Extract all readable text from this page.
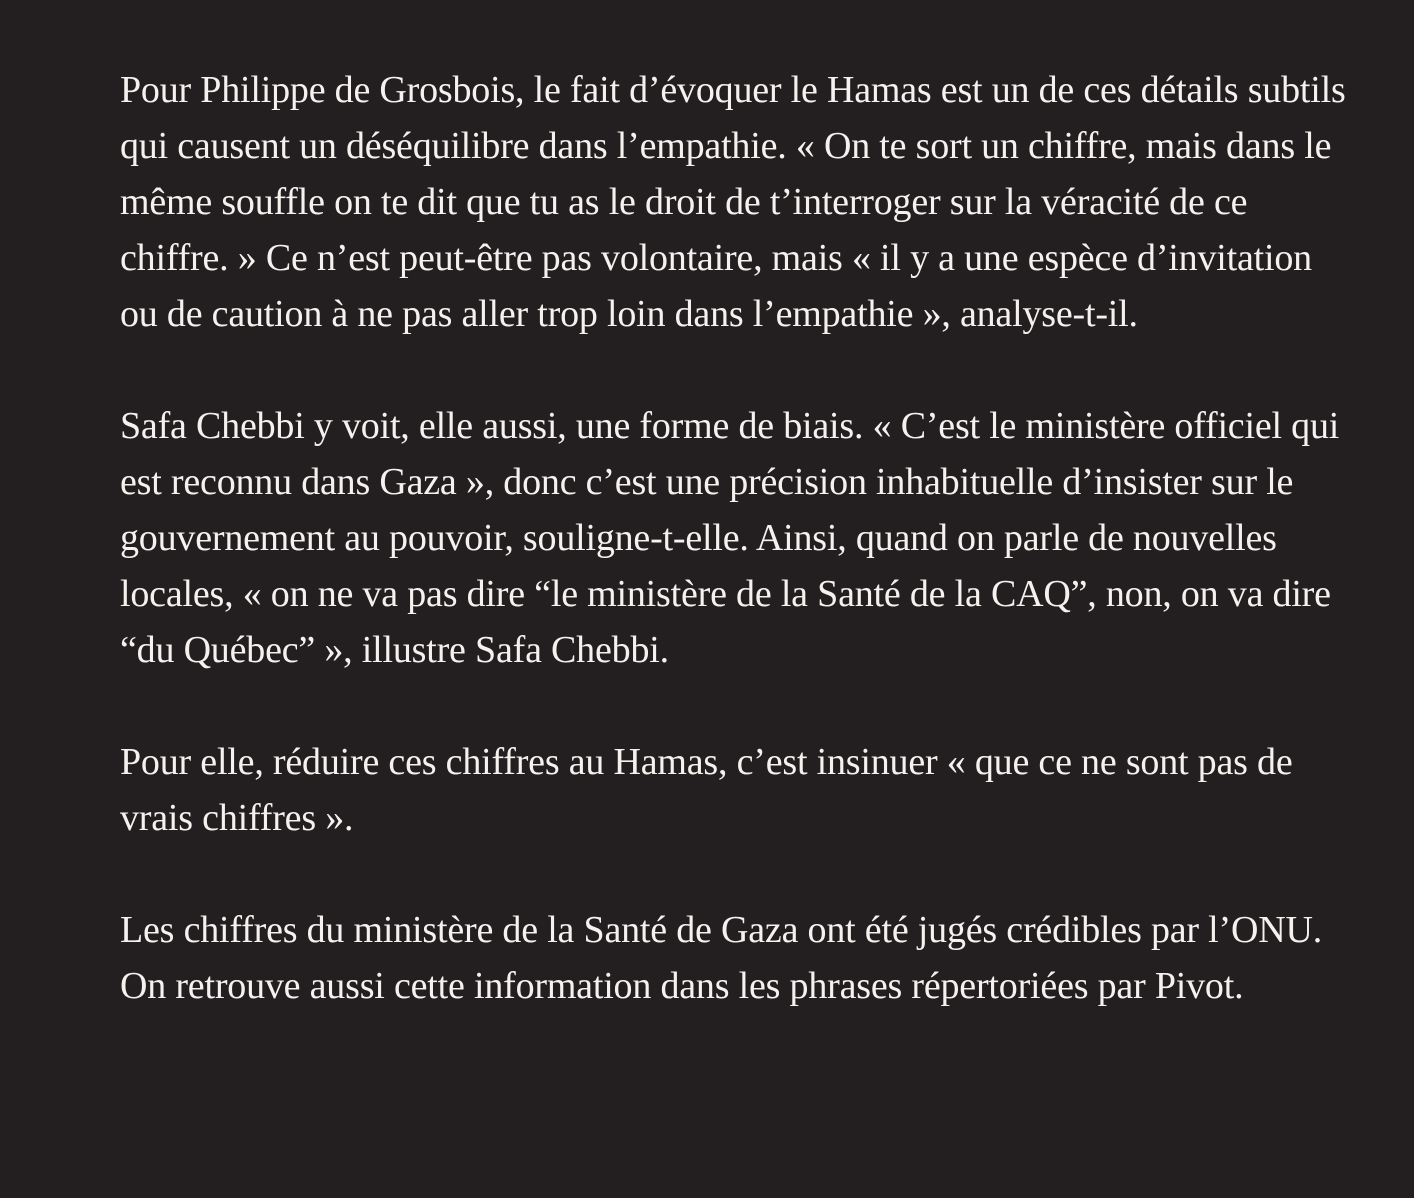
Pour Philippe de Grosbois, le fait d’évoquer le Hamas est un de ces détails subtils qui causent un déséquilibre dans l’empathie. « On te sort un chiffre, mais dans le même souffle on te dit que tu as le droit de t’interroger sur la véracité de ce chiffre. » Ce n’est peut-être pas volontaire, mais « il y a une espèce d’invitation ou de caution à ne pas aller trop loin dans l’empathie », analyse-t-il.

Safa Chebbi y voit, elle aussi, une forme de biais. « C’est le ministère officiel qui est reconnu dans Gaza », donc c’est une précision inhabituelle d’insister sur le gouvernement au pouvoir, souligne-t-elle. Ainsi, quand on parle de nouvelles locales, « on ne va pas dire “le ministère de la Santé de la CAQ”, non, on va dire “du Québec” », illustre Safa Chebbi.

Pour elle, réduire ces chiffres au Hamas, c’est insinuer « que ce ne sont pas de vrais chiffres ».

Les chiffres du ministère de la Santé de Gaza ont été jugés crédibles par l’ONU. On retrouve aussi cette information dans les phrases répertoriées par Pivot.
